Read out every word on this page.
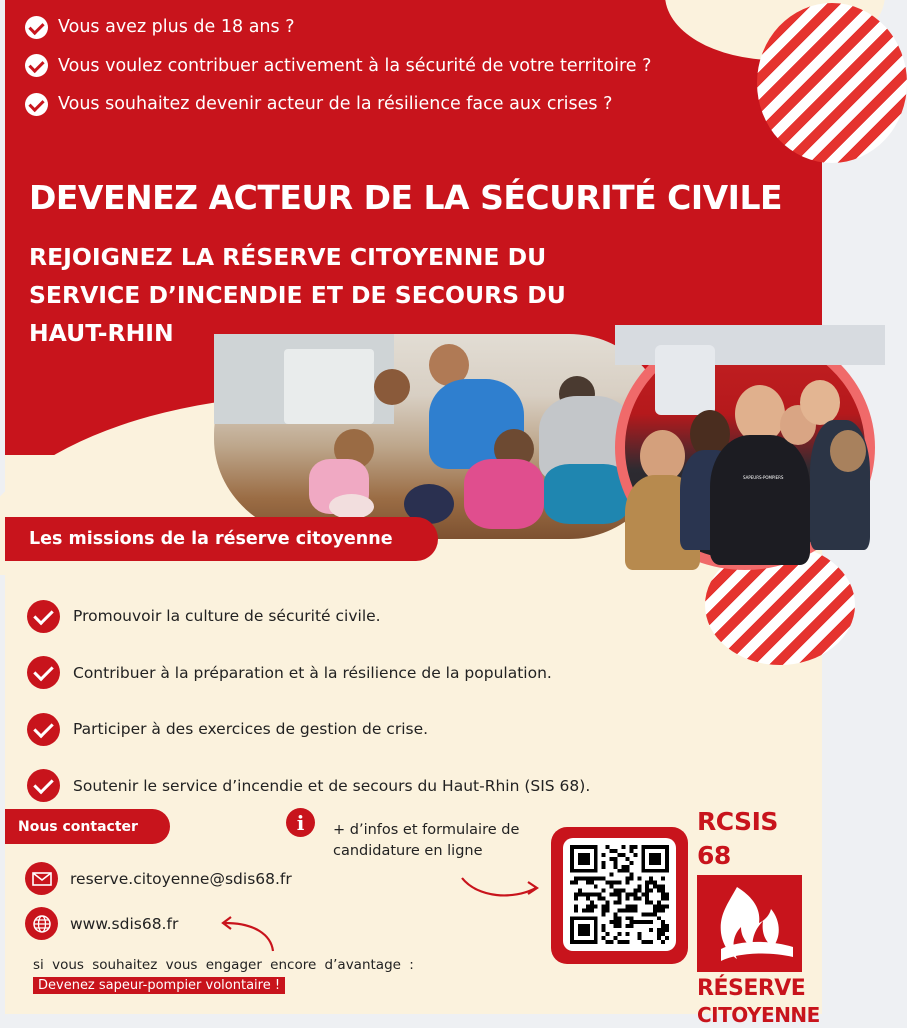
Vous avez plus de 18 ans ?
Vous voulez contribuer activement à la sécurité de votre territoire ?
Vous souhaitez devenir acteur de la résilience face aux crises ?
DEVENEZ ACTEUR DE LA SÉCURITÉ CIVILE
REJOIGNEZ LA RÉSERVE CITOYENNE DU
SERVICE D’INCENDIE ET DE SECOURS DU
HAUT-RHIN
SAPEURS-POMPIERS
Les missions de la réserve citoyenne
Promouvoir la culture de sécurité civile.
Contribuer à la préparation et à la résilience de la population.
Participer à des exercices de gestion de crise.
Soutenir le service d’incendie et de secours du Haut-Rhin (SIS 68).
Nous contacter
reserve.citoyenne@sdis68.fr
www.sdis68.fr
i	+ d’infos et formulaire de
candidature en ligne
si vous souhaitez vous engager encore d’avantage :
Devenez sapeur-pompier volontaire !
RCSIS 68
RÉSERVE
CITOYENNE
